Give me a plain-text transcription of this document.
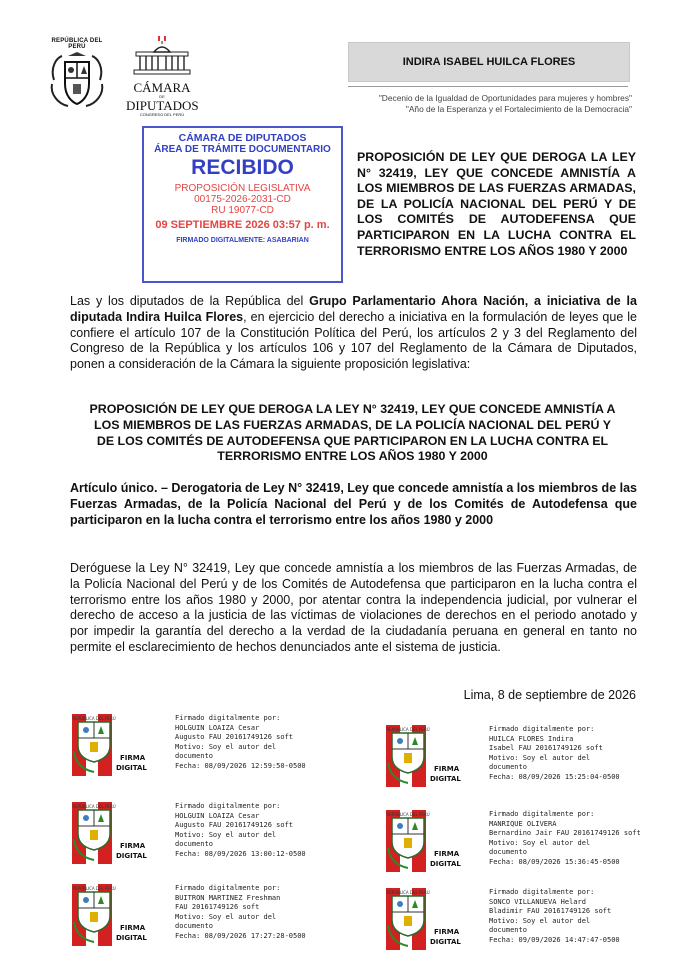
REPÚBLICA DEL PERÚ
CÁMARA
DE
DIPUTADOS
CONGRESO DEL PERÚ
INDIRA ISABEL HUILCA FLORES
"Decenio de la Igualdad de Oportunidades para mujeres y hombres"
"Año de la Esperanza y el Fortalecimiento de la Democracia"
CÁMARA DE DIPUTADOS
ÁREA DE TRÁMITE DOCUMENTARIO
RECIBIDO
PROPOSICIÓN LEGISLATIVA
00175-2026-2031-CD
RU 19077-CD
09 SEPTIEMBRE 2026 03:57 p. m.
FIRMADO DIGITALMENTE: ASABARIAN
PROPOSICIÓN DE LEY QUE DEROGA LA LEY N° 32419, LEY QUE CONCEDE AMNISTÍA A LOS MIEMBROS DE LAS FUERZAS ARMADAS, DE LA POLICÍA NACIONAL DEL PERÚ Y DE LOS COMITÉS DE AUTODEFENSA QUE PARTICIPARON EN LA LUCHA CONTRA EL TERRORISMO ENTRE LOS AÑOS 1980 Y 2000
Las y los diputados de la República del Grupo Parlamentario Ahora Nación, a iniciativa de la diputada Indira Huilca Flores, en ejercicio del derecho a iniciativa en la formulación de leyes que le confiere el artículo 107 de la Constitución Política del Perú, los artículos 2 y 3 del Reglamento del Congreso de la República y los artículos 106 y 107 del Reglamento de la Cámara de Diputados, ponen a consideración de la Cámara la siguiente proposición legislativa:
PROPOSICIÓN DE LEY QUE DEROGA LA LEY N° 32419, LEY QUE CONCEDE AMNISTÍA A LOS MIEMBROS DE LAS FUERZAS ARMADAS, DE LA POLICÍA NACIONAL DEL PERÚ Y DE LOS COMITÉS DE AUTODEFENSA QUE PARTICIPARON EN LA LUCHA CONTRA EL TERRORISMO ENTRE LOS AÑOS 1980 Y 2000
Artículo único. – Derogatoria de Ley N° 32419, Ley que concede amnistía a los miembros de las Fuerzas Armadas, de la Policía Nacional del Perú y de los Comités de Autodefensa que participaron en la lucha contra el terrorismo entre los años 1980 y 2000
Deróguese la Ley N° 32419, Ley que concede amnistía a los miembros de las Fuerzas Armadas, de la Policía Nacional del Perú y de los Comités de Autodefensa que participaron en la lucha contra el terrorismo entre los años 1980 y 2000, por atentar contra la independencia judicial, por vulnerar el derecho de acceso a la justicia de las víctimas de violaciones de derechos en el periodo anotado y por impedir la garantía del derecho a la verdad de la ciudadanía peruana en general en tanto no permite el esclarecimiento de hechos denunciados ante el sistema de justicia.
Lima, 8 de septiembre de 2026
REPÚBLICA DEL PERÚ
FIRMA
DIGITAL
Firmado digitalmente por:
HOLGUIN LOAIZA Cesar
Augusto FAU 20161749126 soft
Motivo: Soy el autor del
documento
Fecha: 08/09/2026 12:59:50-0500
REPÚBLICA DEL PERÚ
FIRMA
DIGITAL
Firmado digitalmente por:
HUILCA FLORES Indira
Isabel FAU 20161749126 soft
Motivo: Soy el autor del
documento
Fecha: 08/09/2026 15:25:04-0500
REPÚBLICA DEL PERÚ
FIRMA
DIGITAL
Firmado digitalmente por:
HOLGUIN LOAIZA Cesar
Augusto FAU 20161749126 soft
Motivo: Soy el autor del
documento
Fecha: 08/09/2026 13:00:12-0500
REPÚBLICA DEL PERÚ
FIRMA
DIGITAL
Firmado digitalmente por:
MANRIQUE OLIVERA
Bernardino Jair FAU 20161749126 soft
Motivo: Soy el autor del
documento
Fecha: 08/09/2026 15:36:45-0500
REPÚBLICA DEL PERÚ
FIRMA
DIGITAL
Firmado digitalmente por:
BUITRON MARTINEZ Freshman
FAU 20161749126 soft
Motivo: Soy el autor del
documento
Fecha: 08/09/2026 17:27:28-0500
REPÚBLICA DEL PERÚ
FIRMA
DIGITAL
Firmado digitalmente por:
SONCO VILLANUEVA Helard
Bladimir FAU 20161749126 soft
Motivo: Soy el autor del
documento
Fecha: 09/09/2026 14:47:47-0500
